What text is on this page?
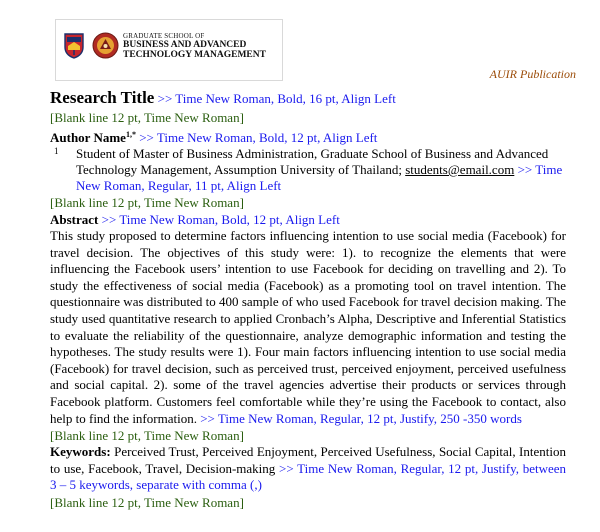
GRADUATE SCHOOL OF
BUSINESS AND ADVANCED
TECHNOLOGY MANAGEMENT
AUIR Publication
Research Title >> Time New Roman, Bold, 16 pt, Align Left
[Blank line 12 pt, Time New Roman]
Author Name$^{1,*}$ >> Time New Roman, Bold, 12 pt, Align Left
1 Student of Master of Business Administration, Graduate School of Business and Advanced Technology Management, Assumption University of Thailand; students@email.com >> Time New Roman, Regular, 11 pt, Align Left
[Blank line 12 pt, Time New Roman]
Abstract >> Time New Roman, Bold, 12 pt, Align Left
This study proposed to determine factors influencing intention to use social media (Facebook) for travel decision. The objectives of this study were: 1). to recognize the elements that were influencing the Facebook users’ intention to use Facebook for deciding on travelling and 2). To study the effectiveness of social media (Facebook) as a promoting tool on travel intention. The questionnaire was distributed to 400 sample of who used Facebook for travel decision making. The study used quantitative research to applied Cronbach’s Alpha, Descriptive and Inferential Statistics to evaluate the reliability of the questionnaire, analyze demographic information and testing the hypotheses. The study results were 1). Four main factors influencing intention to use social media (Facebook) for travel decision, such as perceived trust, perceived enjoyment, perceived usefulness and social capital. 2). some of the travel agencies advertise their products or services through Facebook platform. Customers feel comfortable while they’re using the Facebook to contact, also help to find the information. >> Time New Roman, Regular, 12 pt, Justify, 250 -350 words
[Blank line 12 pt, Time New Roman]
Keywords: Perceived Trust, Perceived Enjoyment, Perceived Usefulness, Social Capital, Intention to use, Facebook, Travel, Decision-making >> Time New Roman, Regular, 12 pt, Justify, between 3 – 5 keywords, separate with comma (,)
[Blank line 12 pt, Time New Roman]
